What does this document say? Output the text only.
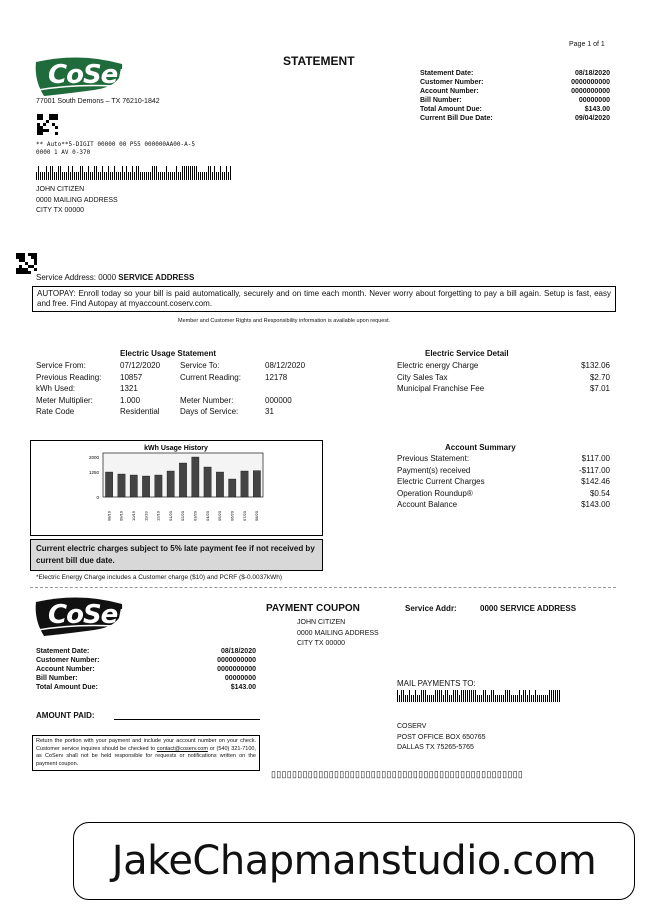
Page 1 of 1
CoServ	STATEMENT
77001 South Demons – TX 76210-1842
** Auto**5-DIGIT 00000 00 P55 000000AA00-A-5
0000 1 AV 0-370
JOHN CITIZEN
0000 MAILING ADDRESS
CITY TX 00000
Statement Date:	08/18/2020
Customer Number:	0000000000
Account Number:	0000000000
Bill Number:	00000000
Total Amount Due:	$143.00
Current Bill Due Date:	09/04/2020
Service Address: 0000 SERVICE ADDRESS
AUTOPAY: Enroll today so your bill is paid automatically, securely and on time each month. Never worry about forgetting to pay a bill again. Setup is fast, easy and free. Find Autopay at myaccount.coserv.com.
Member and Customer Rights and Responsibility information is available upon request.
Electric Usage Statement
Service From:	07/12/2020	Service To:	08/12/2020
Previous Reading:	10857	Current Reading:	12178
kWh Used:	1321
Meter Multiplier:	1.000	Meter Number:	000000
Rate Code	Residential	Days of Service:	31
Electric Service Detail
Electric energy Charge	$132.06
City Sales Tax	$2.70
Municipal Franchise Fee	$7.01
kWh Usage History
2000
1250
0
08/19 09/19 10/19 11/19 12/19 01/20 02/20 03/20 04/20 05/20 06/20 07/20 08/20
Account Summary
Previous Statement:	$117.00
Payment(s) received	-$117.00
Electric Current Charges	$142.46
Operation Roundup®	$0.54
Account Balance	$143.00
Current electric charges subject to 5% late payment fee if not received by current bill due date.
*Electric Energy Charge includes a Customer charge ($10) and PCRF ($-0.0037kWh)
CoServ	PAYMENT COUPON	Service Addr:	0000 SERVICE ADDRESS
JOHN CITIZEN
0000 MAILING ADDRESS
CITY TX 00000
Statement Date:	08/18/2020
Customer Number:	0000000000
Account Number:	0000000000
Bill Number:	00000000
Total Amount Due:	$143.00
AMOUNT PAID:
Return the portion with your payment and include your account number on your check. Customer service inquires should be checked to contact@coserv.com or (540) 321-7100, as CoServ shall not be held responsible for requests or notifications written on the payment coupon.
MAIL PAYMENTS TO:
COSERV
POST OFFICE BOX 650765
DALLAS TX 75265-5765
▯▯▯▯▯▯▯▯▯▯▯▯▯▯▯▯▯▯▯▯▯▯▯▯▯▯▯▯▯▯▯▯▯▯▯▯▯▯▯▯▯▯▯▯▯▯▯▯
JakeChapmanstudio.com
